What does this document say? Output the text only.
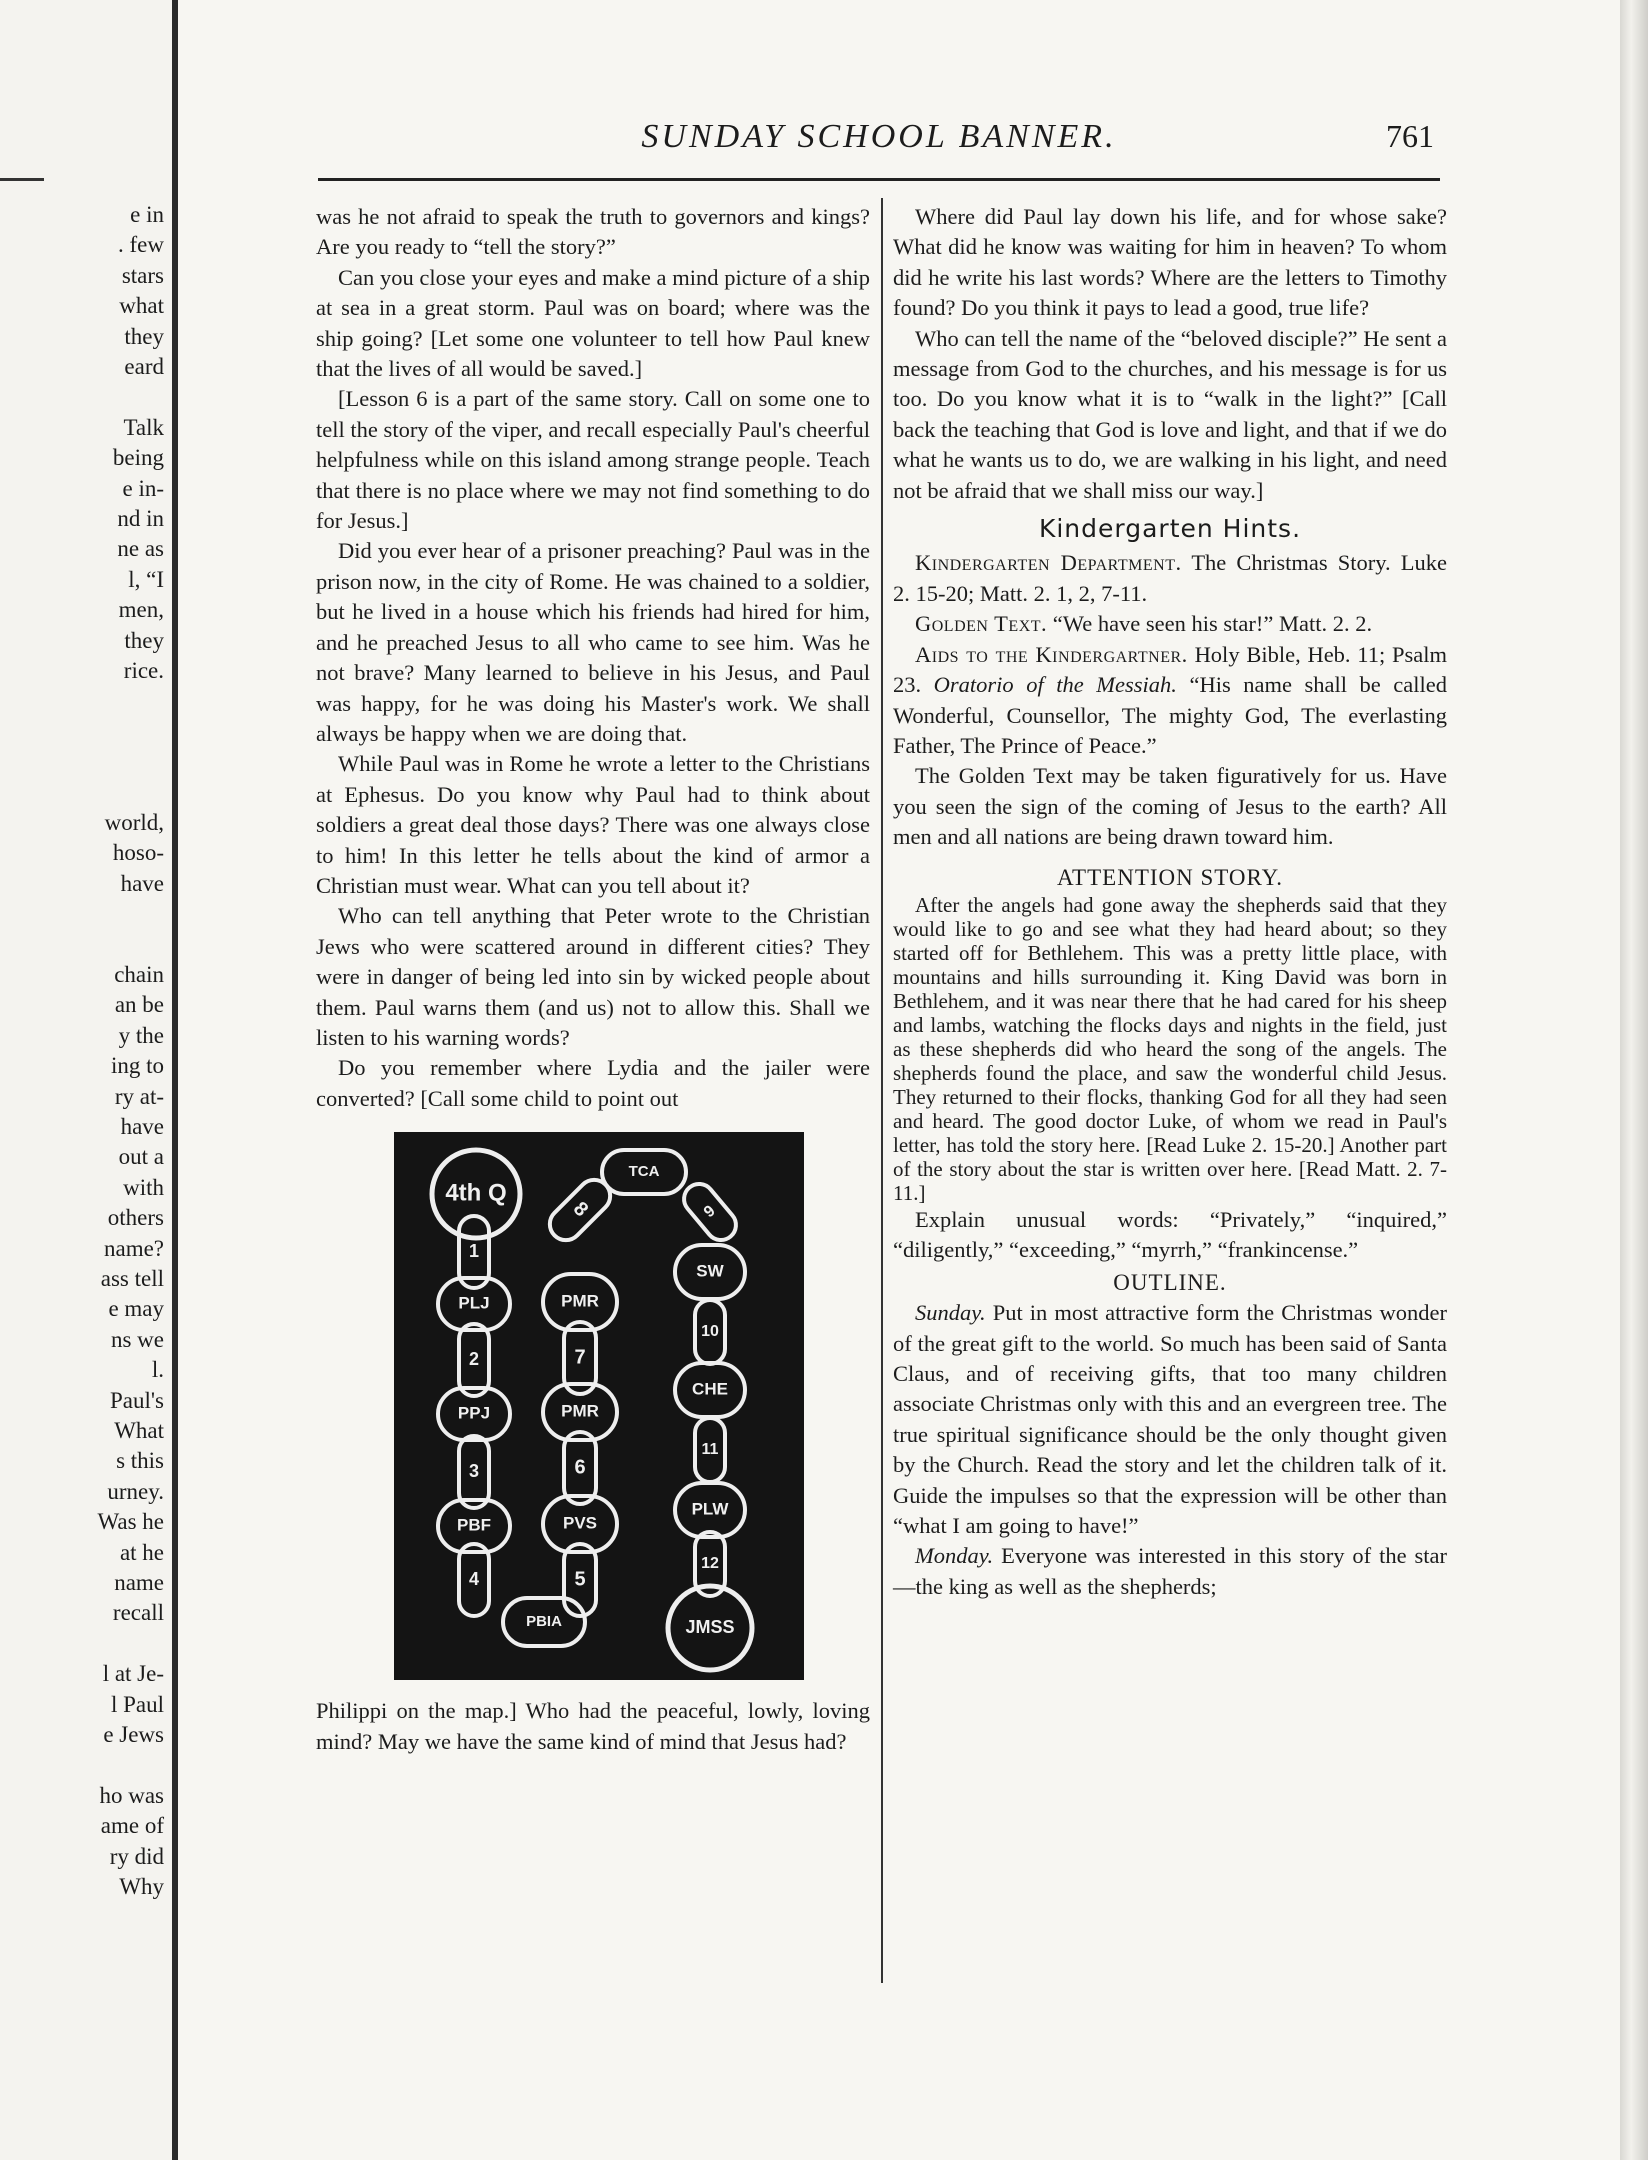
e in
. few
stars
what
they
eard
Talk
being
e in-
nd in
ne as
l, “I
men,
they
rice.
world,
hoso-
have
chain
an be
y the
ing to
ry at-
have
out a
with
others
name?
ass tell
e may
ns we
l.
Paul's
What
s this
urney.
Was he
at he
name
recall
l at Je-
l Paul
e Jews
ho was
ame of
ry did
Why
SUNDAY SCHOOL BANNER.	761

was he not afraid to speak the truth to governors and kings? Are you ready to “tell the story?”

Can you close your eyes and make a mind picture of a ship at sea in a great storm. Paul was on board; where was the ship going? [Let some one volunteer to tell how Paul knew that the lives of all would be saved.]

[Lesson 6 is a part of the same story. Call on some one to tell the story of the viper, and recall especially Paul's cheerful helpfulness while on this island among strange people. Teach that there is no place where we may not find something to do for Jesus.]

Did you ever hear of a prisoner preaching? Paul was in the prison now, in the city of Rome. He was chained to a soldier, but he lived in a house which his friends had hired for him, and he preached Jesus to all who came to see him. Was he not brave? Many learned to believe in his Jesus, and Paul was happy, for he was doing his Master's work. We shall always be happy when we are doing that.

While Paul was in Rome he wrote a letter to the Christians at Ephesus. Do you know why Paul had to think about soldiers a great deal those days? There was one always close to him! In this letter he tells about the kind of armor a Christian must wear. What can you tell about it?

Who can tell anything that Peter wrote to the Christian Jews who were scattered around in different cities? They were in danger of being led into sin by wicked people about them. Paul warns them (and us) not to allow this. Shall we listen to his warning words?

Do you remember where Lydia and the jailer were converted? [Call some child to point out

4th Q
1
PLJ
2
PPJ
3
PBF
4
PBIA
5
PVS
6
PMR
7
PMR
8
TCA
9
SW
10
CHE
11
PLW
12
JMSS

Philippi on the map.] Who had the peaceful, lowly, loving mind? May we have the same kind of mind that Jesus had?

Where did Paul lay down his life, and for whose sake? What did he know was waiting for him in heaven? To whom did he write his last words? Where are the letters to Timothy found? Do you think it pays to lead a good, true life?

Who can tell the name of the “beloved disciple?” He sent a message from God to the churches, and his message is for us too. Do you know what it is to “walk in the light?” [Call back the teaching that God is love and light, and that if we do what he wants us to do, we are walking in his light, and need not be afraid that we shall miss our way.]

Kindergarten Hints.

Kindergarten Department. The Christmas Story. Luke 2. 15-20; Matt. 2. 1, 2, 7-11.

Golden Text. “We have seen his star!” Matt. 2. 2.

Aids to the Kindergartner. Holy Bible, Heb. 11; Psalm 23. Oratorio of the Messiah. “His name shall be called Wonderful, Counsellor, The mighty God, The everlasting Father, The Prince of Peace.”

The Golden Text may be taken figuratively for us. Have you seen the sign of the coming of Jesus to the earth? All men and all nations are being drawn toward him.

ATTENTION STORY.

After the angels had gone away the shepherds said that they would like to go and see what they had heard about; so they started off for Bethlehem. This was a pretty little place, with mountains and hills surrounding it. King David was born in Bethlehem, and it was near there that he had cared for his sheep and lambs, watching the flocks days and nights in the field, just as these shepherds did who heard the song of the angels. The shepherds found the place, and saw the wonderful child Jesus. They returned to their flocks, thanking God for all they had seen and heard. The good doctor Luke, of whom we read in Paul's letter, has told the story here. [Read Luke 2. 15-20.] Another part of the story about the star is written over here. [Read Matt. 2. 7-11.]

Explain unusual words: “Privately,” “inquired,” “diligently,” “exceeding,” “myrrh,” “frankincense.”

OUTLINE.

Sunday. Put in most attractive form the Christmas wonder of the great gift to the world. So much has been said of Santa Claus, and of receiving gifts, that too many children associate Christmas only with this and an evergreen tree. The true spiritual significance should be the only thought given by the Church. Read the story and let the children talk of it. Guide the impulses so that the expression will be other than “what I am going to have!”

Monday. Everyone was interested in this story of the star—the king as well as the shepherds;
